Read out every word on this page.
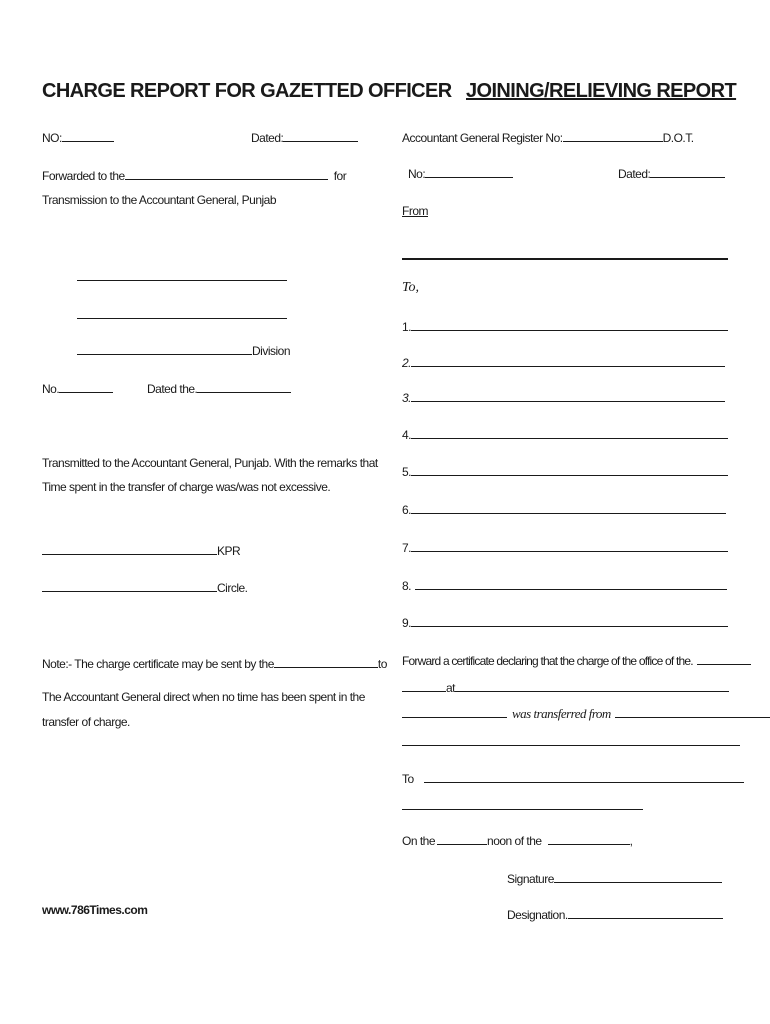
CHARGE REPORT FOR GAZETTED OFFICER
NO:	Dated:
Forwarded to the	for
Transmission to the Accountant General, Punjab
Division
No.	Dated the.
Transmitted to the Accountant General, Punjab. With the remarks that
Time spent in the transfer of charge was/was not excessive.
KPR
Circle.
Note:- The charge certificate may be sent by the	to
The Accountant General direct when no time has been spent in the
transfer of charge.
www.786Times.com
JOINING/RELIEVING REPORT
Accountant General Register No:	D.O.T.
No:	Dated:
From
To,
1.
2.
3.
4.
5.
6.
7.
8.
9.
Forward a certificate declaring that the charge of the office of the.
at
was transferred from
To
On the	noon of the	,
Signature
Designation.
